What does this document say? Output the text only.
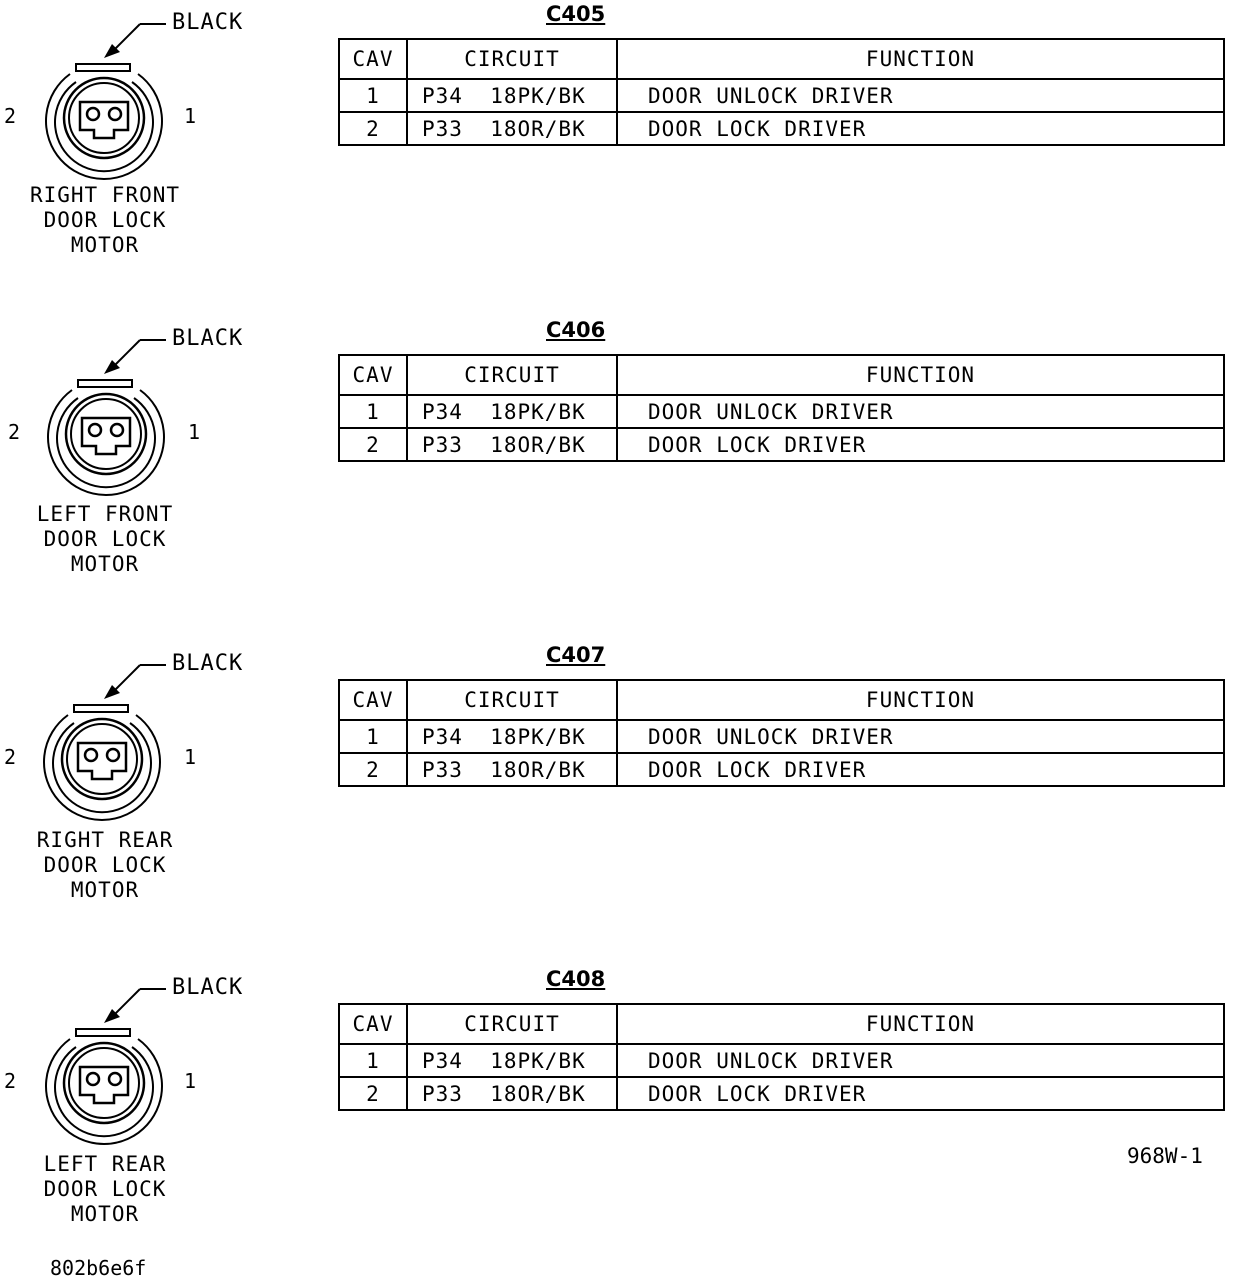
BLACK
2	1
RIGHT FRONT
DOOR LOCK
MOTOR
C405
CAV	CIRCUIT	FUNCTION
1	P34  18PK/BK	DOOR UNLOCK DRIVER
2	P33  18OR/BK	DOOR LOCK DRIVER
BLACK
2	1
LEFT FRONT
DOOR LOCK
MOTOR
C406
CAV	CIRCUIT	FUNCTION
1	P34  18PK/BK	DOOR UNLOCK DRIVER
2	P33  18OR/BK	DOOR LOCK DRIVER
BLACK
2	1
RIGHT REAR
DOOR LOCK
MOTOR
C407
CAV	CIRCUIT	FUNCTION
1	P34  18PK/BK	DOOR UNLOCK DRIVER
2	P33  18OR/BK	DOOR LOCK DRIVER
BLACK
2	1
LEFT REAR
DOOR LOCK
MOTOR
C408
CAV	CIRCUIT	FUNCTION
1	P34  18PK/BK	DOOR UNLOCK DRIVER
2	P33  18OR/BK	DOOR LOCK DRIVER
968W-1
802b6e6f
